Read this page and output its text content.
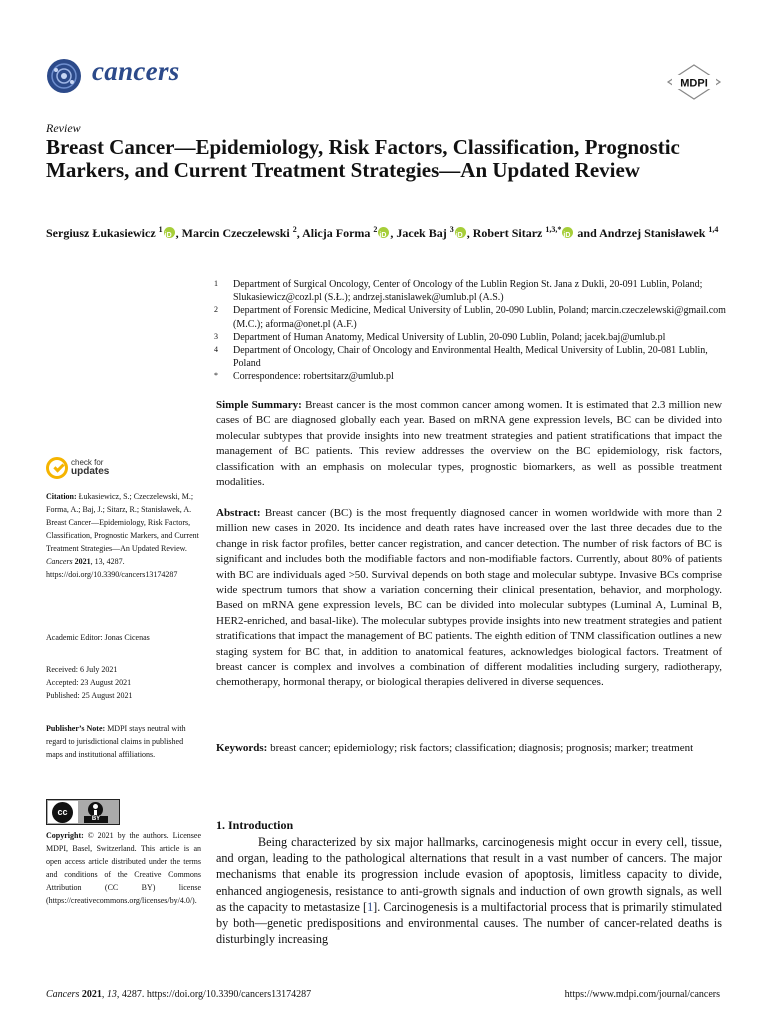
cancers	MDPI
Review
Breast Cancer—Epidemiology, Risk Factors, Classification, Prognostic Markers, and Current Treatment Strategies—An Updated Review
Sergiusz Łukasiewicz $^1$ iD , Marcin Czeczelewski $^2$, Alicja Forma $^2$ iD , Jacek Baj $^3$ iD , Robert Sitarz $^{1,3,*}$iD and Andrzej Stanisławek $^{1,4}$
1	Department of Surgical Oncology, Center of Oncology of the Lublin Region St. Jana z Dukli, 20-091 Lublin, Poland; Slukasiewicz@cozl.pl (S.Ł.); andrzej.stanislawek@umlub.pl (A.S.)
2	Department of Forensic Medicine, Medical University of Lublin, 20-090 Lublin, Poland; marcin.czeczelewski@gmail.com (M.C.); aforma@onet.pl (A.F.)
3	Department of Human Anatomy, Medical University of Lublin, 20-090 Lublin, Poland; jacek.baj@umlub.pl
4	Department of Oncology, Chair of Oncology and Environmental Health, Medical University of Lublin, 20-081 Lublin, Poland
*	Correspondence: robertsitarz@umlub.pl

Simple Summary: Breast cancer is the most common cancer among women. It is estimated that 2.3 million new cases of BC are diagnosed globally each year. Based on mRNA gene expression levels, BC can be divided into molecular subtypes that provide insights into new treatment strategies and patient stratifications that impact the management of BC patients. This review addresses the overview on the BC epidemiology, risk factors, classification with an emphasis on molecular types, prognostic biomarkers, as well as possible treatment modalities.

Abstract: Breast cancer (BC) is the most frequently diagnosed cancer in women worldwide with more than 2 million new cases in 2020. Its incidence and death rates have increased over the last three decades due to the change in risk factor profiles, better cancer registration, and cancer detection. The number of risk factors of BC is significant and includes both the modifiable factors and non-modifiable factors. Currently, about 80% of patients with BC are individuals aged >50. Survival depends on both stage and molecular subtype. Invasive BCs comprise wide spectrum tumors that show a variation concerning their clinical presentation, behavior, and morphology. Based on mRNA gene expression levels, BC can be divided into molecular subtypes (Luminal A, Luminal B, HER2-enriched, and basal-like). The molecular subtypes provide insights into new treatment strategies and patient stratifications that impact the management of BC patients. The eighth edition of TNM classification outlines a new staging system for BC that, in addition to anatomical features, acknowledges biological factors. Treatment of breast cancer is complex and involves a combination of different modalities including surgery, radiotherapy, chemotherapy, hormonal therapy, or biological therapies delivered in diverse sequences.

Keywords: breast cancer; epidemiology; risk factors; classification; diagnosis; prognosis; marker; treatment

check for
updates
Citation: Łukasiewicz, S.; Czeczelewski, M.; Forma, A.; Baj, J.; Sitarz, R.; Stanisławek, A. Breast Cancer—Epidemiology, Risk Factors, Classification, Prognostic Markers, and Current Treatment Strategies—An Updated Review. Cancers 2021, 13, 4287. https://doi.org/10.3390/cancers13174287
Academic Editor: Jonas Cicenas
Received: 6 July 2021
Accepted: 23 August 2021
Published: 25 August 2021
Publisher’s Note: MDPI stays neutral with regard to jurisdictional claims in published maps and institutional affiliations.
cc
BY
Copyright: © 2021 by the authors. Licensee MDPI, Basel, Switzerland. This article is an open access article distributed under the terms and conditions of the Creative Commons Attribution (CC BY) license (https://creativecommons.org/licenses/by/4.0/).
1. Introduction

Being characterized by six major hallmarks, carcinogenesis might occur in every cell, tissue, and organ, leading to the pathological alternations that result in a vast number of cancers. The major mechanisms that enable its progression include evasion of apoptosis, limitless capacity to divide, enhanced angiogenesis, resistance to anti-growth signals and induction of own growth signals, as well as the capacity to metastasize [1]. Carcinogenesis is a multifactorial process that is primarily stimulated by both—genetic predispositions and environmental causes. The number of cancer-related deaths is disturbingly increasing

Cancers 2021, 13, 4287. https://doi.org/10.3390/cancers13174287	https://www.mdpi.com/journal/cancers
